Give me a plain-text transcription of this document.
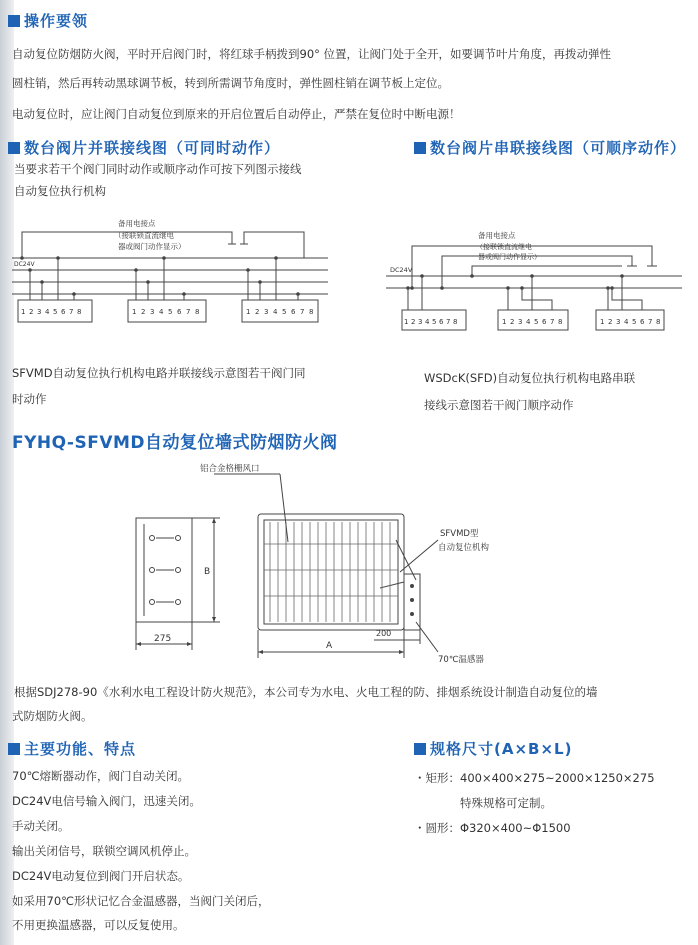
操作要领
自动复位防烟防火阀，平时开启阀门时，将红球手柄拨到90° 位置，让阀门处于全开，如要调节叶片角度，再拨动弹性
圆柱销，然后再转动黑球调节板，转到所需调节角度时，弹性圆柱销在调节板上定位。
电动复位时，应让阀门自动复位到原来的开启位置后自动停止，严禁在复位时中断电源！
数台阀片并联接线图（可同时动作）
当要求若干个阀门同时动作或顺序动作可按下列图示接线
自动复位执行机构
数台阀片串联接线图（可顺序动作）
备用电接点
（接联锁直流继电
器或阀门动作显示）
DC24V
1 2 3 4 5 6 7 8	1 2 3 4 5 6 7 8	1 2 3 4 5 6 7 8
备用电接点
（接联锁直流继电
器或阀门动作显示）
DC24V
1 2 3 4 5 6 7 8	1 2 3 4 5 6 7 8	1 2 3 4 5 6 7 8
SFVMD自动复位执行机构电路并联接线示意图若干阀门同
时动作
WSDcK(SFD)自动复位执行机构电路串联
接线示意图若干阀门顺序动作
FYHQ-SFVMD自动复位墙式防烟防火阀
275
B
铝合金格栅风口
A
200
SFVMD型
自动复位机构
70℃温感器
根据SDJ278-90《水利水电工程设计防火规范》，本公司专为水电、火电工程的防、排烟系统设计制造自动复位的墙
式防烟防火阀。
主要功能、特点
70℃熔断器动作，阀门自动关闭。
DC24V电信号输入阀门，迅速关闭。
手动关闭。
输出关闭信号，联锁空调风机停止。
DC24V电动复位到阀门开启状态。
如采用70℃形状记忆合金温感器，当阀门关闭后，
不用更换温感器，可以反复使用。
规格尺寸(A×B×L)
・矩形：400×400×275~2000×1250×275
特殊规格可定制。
・圆形：Φ320×400~Φ1500
